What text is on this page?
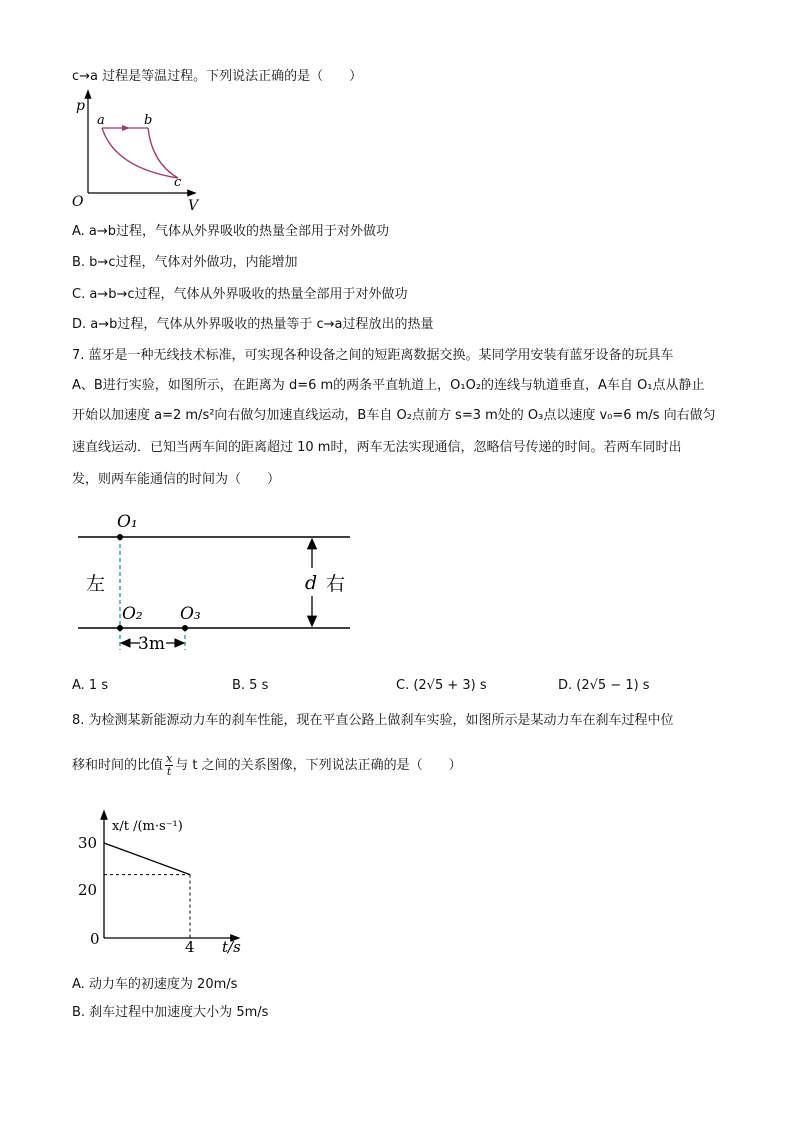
c→a 过程是等温过程。下列说法正确的是（　　）
p
V
O
a	b
c
A. a→b过程，气体从外界吸收的热量全部用于对外做功
B. b→c过程，气体对外做功，内能增加
C. a→b→c过程，气体从外界吸收的热量全部用于对外做功
D. a→b过程，气体从外界吸收的热量等于 c→a过程放出的热量
7. 蓝牙是一种无线技术标准，可实现各种设备之间的短距离数据交换。某同学用安装有蓝牙设备的玩具车
A、B进行实验，如图所示，在距离为 d=6 m的两条平直轨道上，O₁O₂的连线与轨道垂直，A车自 O₁点从静止
开始以加速度 a=2 m/s²向右做匀加速直线运动，B车自 O₂点前方 s=3 m处的 O₃点以速度 v₀=6 m/s 向右做匀
速直线运动．已知当两车间的距离超过 10 m时，两车无法实现通信，忽略信号传递的时间。若两车同时出
发，则两车能通信的时间为（　　）
O₁
O₂ O₃
左	右
d
3m
A. 1 s	B. 5 s	C. (2√5 + 3) s	D. (2√5 − 1) s
8. 为检测某新能源动力车的刹车性能，现在平直公路上做刹车实验，如图所示是某动力车在刹车过程中位
移和时间的比值 $\frac{x}{t}$ 与 t 之间的关系图像，下列说法正确的是（　　）
x/t /(m·s⁻¹)
t/s
30
20
0	4
A. 动力车的初速度为 20m/s
B. 刹车过程中加速度大小为 5m/s
